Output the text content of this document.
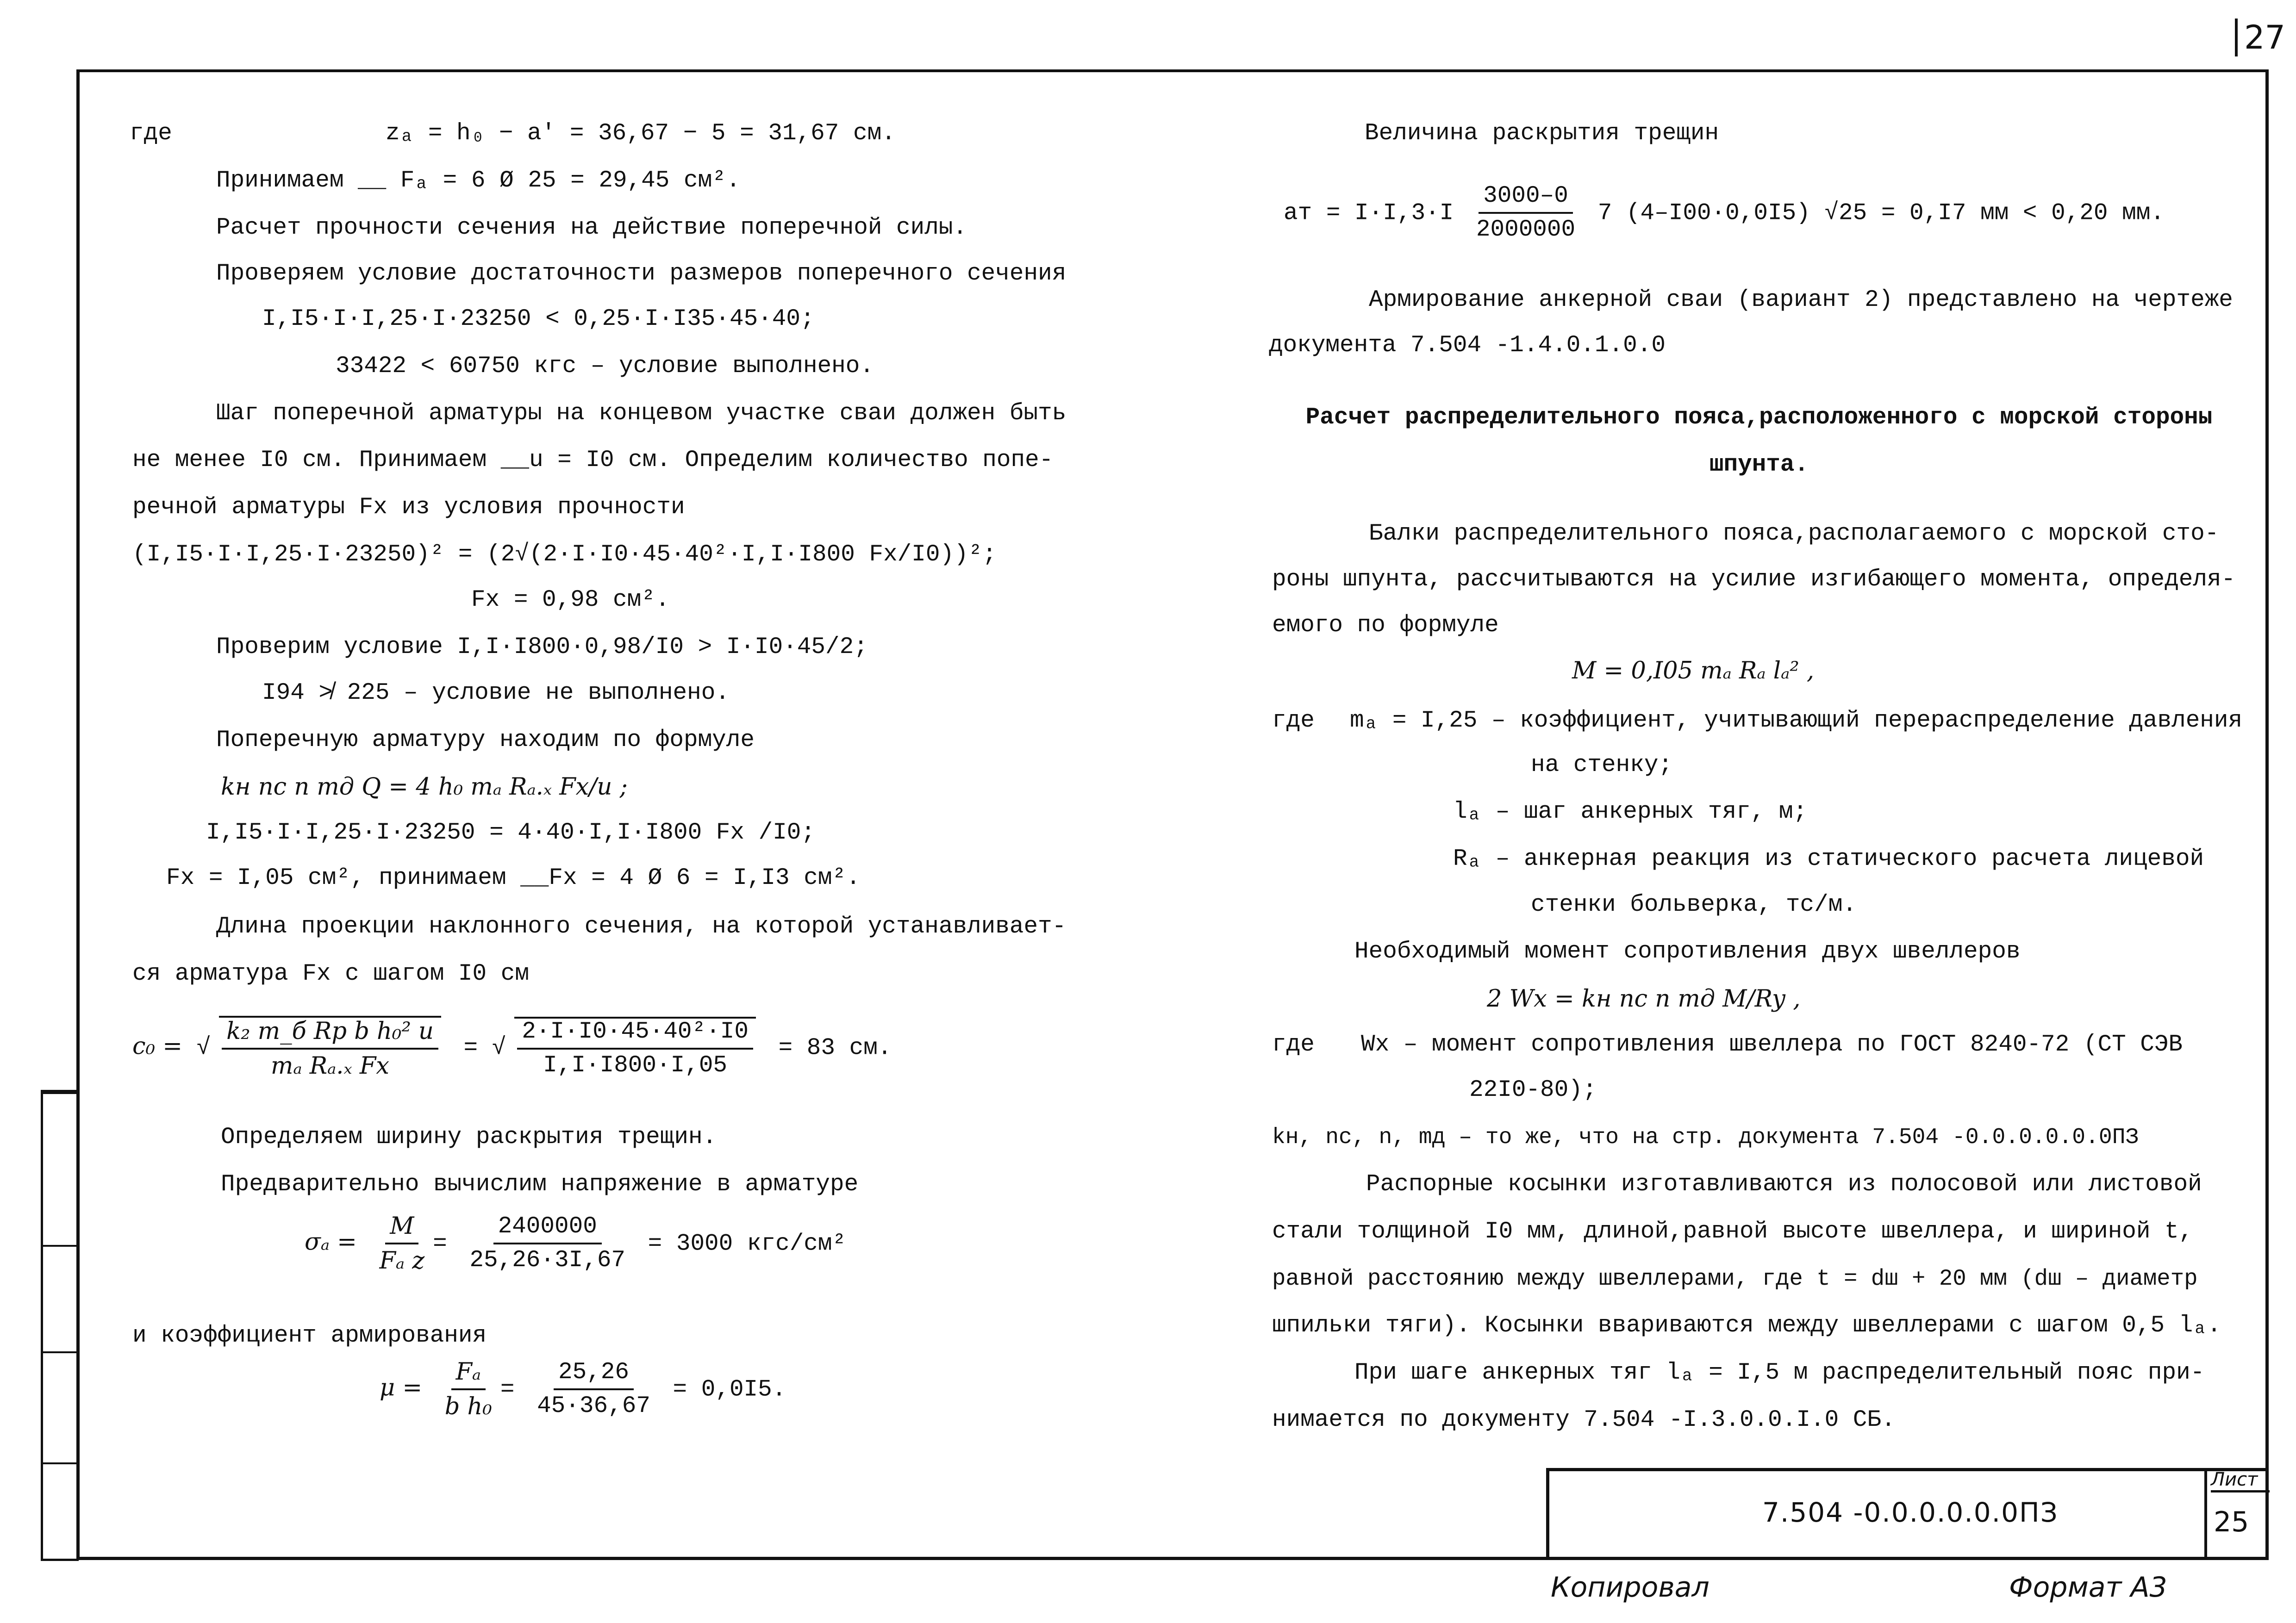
27
где	zₐ = h₀ − a' = 36,67 − 5 = 31,67 см.
Принимаем __ Fₐ = 6 Ø 25 = 29,45 см².
Расчет прочности сечения на действие поперечной силы.
Проверяем условие достаточности размеров поперечного сечения
I,I5·I·I,25·I·23250 < 0,25·I·I35·45·40;
33422 < 60750 кгс – условие выполнено.
Шаг поперечной арматуры на концевом участке сваи должен быть
не менее I0 см. Принимаем __u = I0 см. Определим количество попе-
речной арматуры Fx из условия прочности
(I,I5·I·I,25·I·23250)² = (2√(2·I·I0·45·40²·I,I·I800 Fx/I0))²;
Fx = 0,98 см².
Проверим условие I,I·I800·0,98/I0 > I·I0·45/2;
I94 ≯ 225 – условие не выполнено.
Поперечную арматуру находим по формуле
kн nс n mд Q = 4 h₀ mₐ Rₐ.ₓ Fx/u ;
I,I5·I·I,25·I·23250 = 4·40·I,I·I800 Fx /I0;
Fx = I,05 см², принимаем __Fx = 4 Ø 6 = I,I3 см².
Длина проекции наклонного сечения, на которой устанавливает-
ся арматура Fx с шагом I0 см
c₀ = √ $\frac{\text{k₂ m\_б Rp b h₀² u}}{\text{mₐ Rₐ.ₓ Fx}}$ = √ $\frac{\text{2·I·I0·45·40²·I0}}{I,I\cdot I800\cdot I,05} = 83$ см.
Определяем ширину раскрытия трещин.
Предварительно вычислим напряжение в арматуре
$\sigma_a = \frac{M}{\text{Fₐ z}} = \frac{2400000}{25,26\cdot 3I,67} = 3000$ кгс/см²
и коэффициент армирования
$\mu = \frac{\text{Fₐ}}{\text{b h₀}} = \frac{25,26}{45\cdot 36,67} = 0,0I5$.
Величина раскрытия трещин
aт = $I\cdot I,3\cdot I \frac{3000-0}{2000000} 7$ (4–I00·0,0I5) √25 = 0,I7 мм < 0,20 мм.
Армирование анкерной сваи (вариант 2) представлено на чертеже
документа 7.504 -1.4.0.1.0.0
Расчет распределительного пояса,расположенного с морской стороны
шпунта.
Балки распределительного пояса,располагаемого с морской сто-
роны шпунта, рассчитываются на усилие изгибающего момента, определя-
емого по формуле
M = 0,I05 mₐ Rₐ lₐ² ,
где mₐ = I,25 – коэффициент, учитывающий перераспределение давления
на стенку;
lₐ – шаг анкерных тяг, м;
Rₐ – анкерная реакция из статического расчета лицевой
стенки больверка, тс/м.
Необходимый момент сопротивления двух швеллеров
2 Wx = kн nс n mд M/Ry ,
где Wx – момент сопротивления швеллера по ГОСТ 8240-72 (СТ СЭВ
22I0-80);
kн, nс, n, mд – то же, что на стр. документа 7.504 -0.0.0.0.0.0ПЗ
Распорные косынки изготавливаются из полосовой или листовой
стали толщиной I0 мм, длиной,равной высоте швеллера, и шириной t,
равной расстоянию между швеллерами, где t = dш + 20 мм (dш – диаметр
шпильки тяги). Косынки ввариваются между швеллерами с шагом 0,5 lₐ.
При шаге анкерных тяг lₐ = I,5 м распределительный пояс при-
нимается по документу 7.504 -I.3.0.0.I.0 СБ.
7.504 -0.0.0.0.0.0ПЗ
Лист
25
Копировал	Формат А3
